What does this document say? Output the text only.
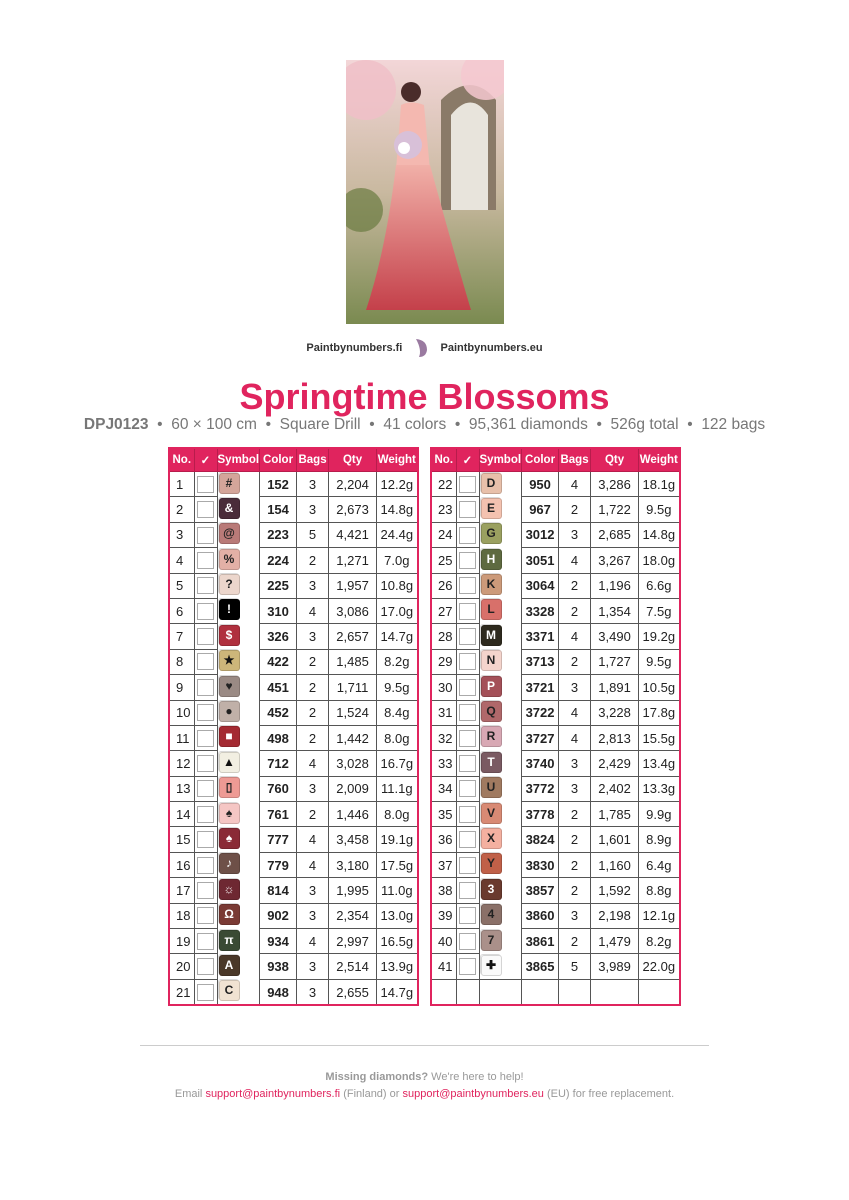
Paintbynumbers.fi	Paintbynumbers.eu
Springtime Blossoms
DPJ0123 • 60 × 100 cm • Square Drill • 41 colors • 95,361 diamonds • 526g total • 122 bags
No.	✓	Symbol	Color	Bags	Qty	Weight
1			#	152	3	2,204	12.2g
2			&	154	3	2,673	14.8g
3			@ 223	5	4,421	24.4g
4			%	224	2	1,271	7.0g
5			?	225	3	1,957	10.8g
6			!	310	4	3,086	17.0g
7			$	326	3	2,657	14.7g
8			★	422	2	1,485	8.2g
9			♥	451	2	1,711	9.5g
10			●	452	2	1,524	8.4g
11			■	498	2	1,442	8.0g
12			▲ 712	4	3,028	16.7g
13			▯	760	3	2,009	11.1g
14			♠	761	2	1,446	8.0g
15			♠	777	4	3,458	19.1g
16			♪	779	4	3,180	17.5g
17			☼	814	3	1,995	11.0g
18			Ω	902	3	2,354	13.0g
19			π	934	4	2,997	16.5g
20			A	938	3	2,514	13.9g
21			C	948	3	2,655	14.7g
No.	✓	Symbol	Color	Bags	Qty	Weight
22			D	950	4	3,286	18.1g
23			E	967	2	1,722	9.5g
24			G 3012	3	2,685	14.8g
25			H 3051	4	3,267	18.0g
26			K 3064	2	1,196	6.6g
27			L 3328	2	1,354	7.5g
28			M 3371	4	3,490	19.2g
29			N 3713	2	1,727	9.5g
30			P 3721	3	1,891	10.5g
31			Q 3722	4	3,228	17.8g
32			R 3727	4	2,813	15.5g
33			T 3740	3	2,429	13.4g
34			U 3772	3	2,402	13.3g
35			V 3778	2	1,785	9.9g
36			X 3824	2	1,601	8.9g
37			Y 3830	2	1,160	6.4g
38			3 3857	2	1,592	8.8g
39			4 3860	3	2,198	12.1g
40			7 3861	2	1,479	8.2g
41			✚ 3865	5	3,989	22.0g

Missing diamonds? We're here to help!
Email support@paintbynumbers.fi (Finland) or support@paintbynumbers.eu (EU) for free replacement.
